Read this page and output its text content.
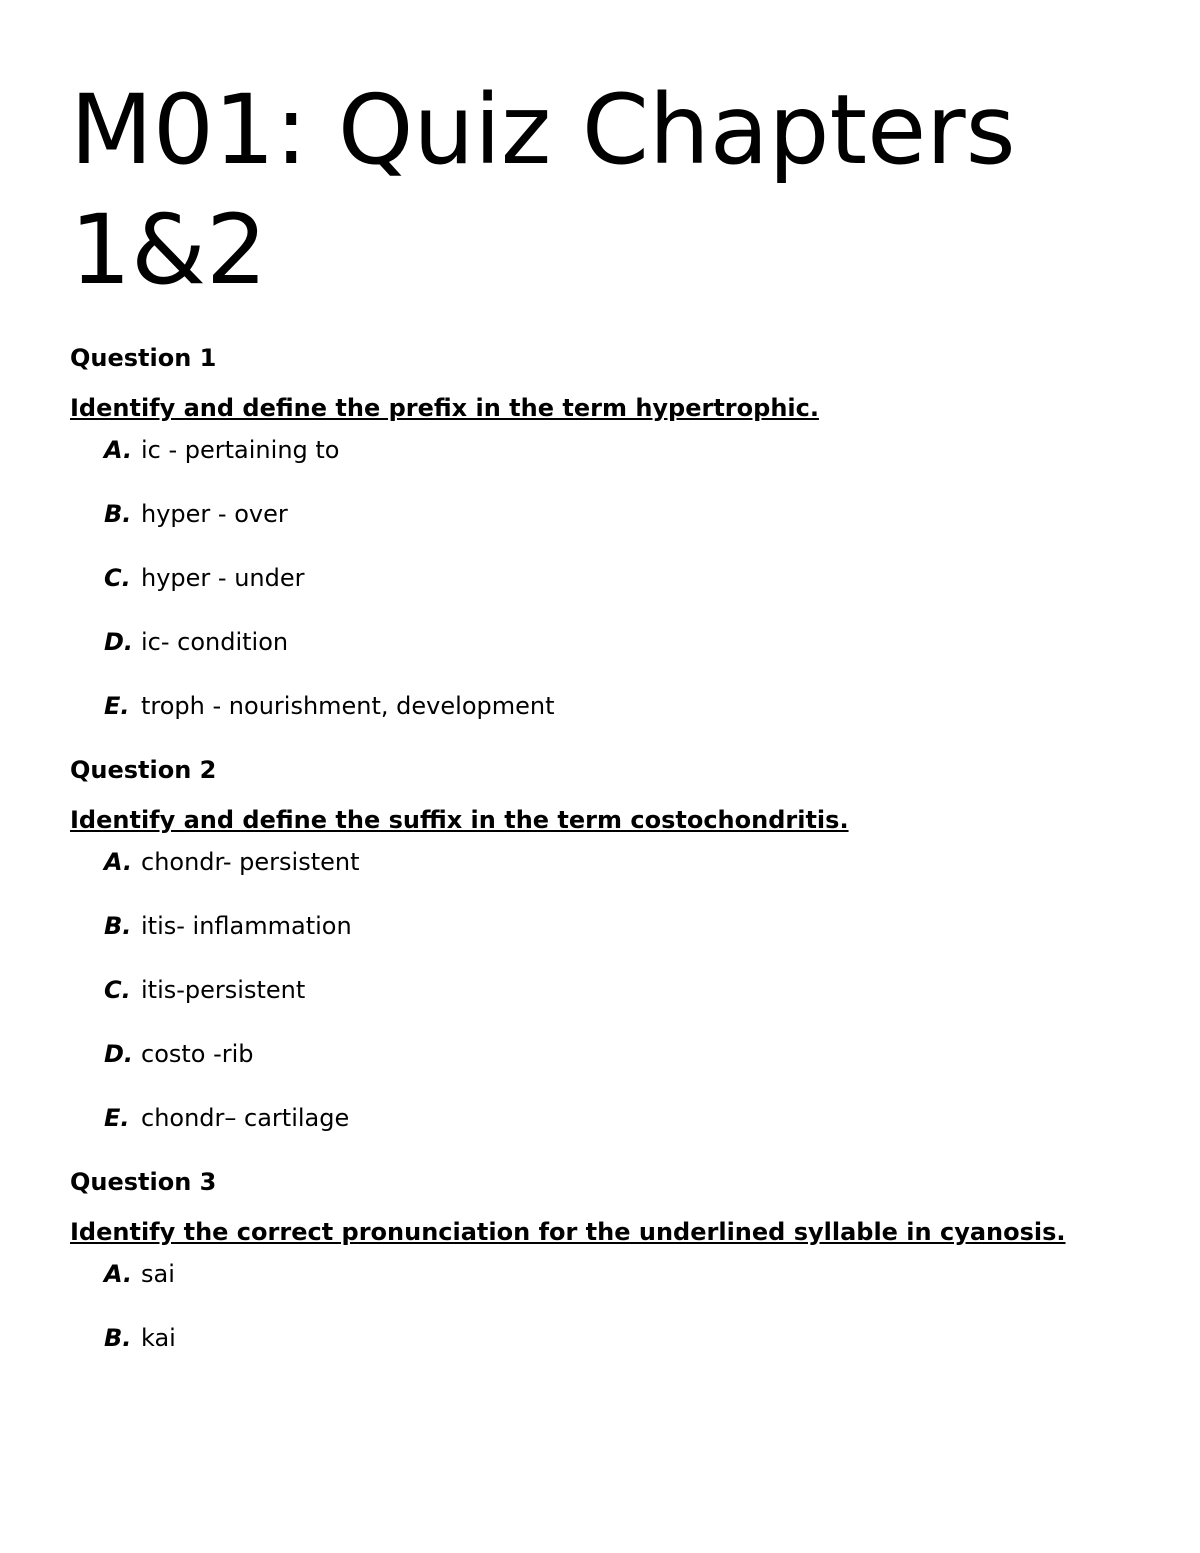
M01: Quiz Chapters 1&2
Question 1
Identify and define the prefix in the term hypertrophic.
A. ic - pertaining to
B. hyper - over
C. hyper - under
D. ic- condition
E. troph - nourishment, development
Question 2
Identify and define the suffix in the term costochondritis.
A. chondr- persistent
B. itis- inflammation
C. itis-persistent
D. costo -rib
E. chondr– cartilage
Question 3
Identify the correct pronunciation for the underlined syllable in cyanosis.
A. sai
B. kai
